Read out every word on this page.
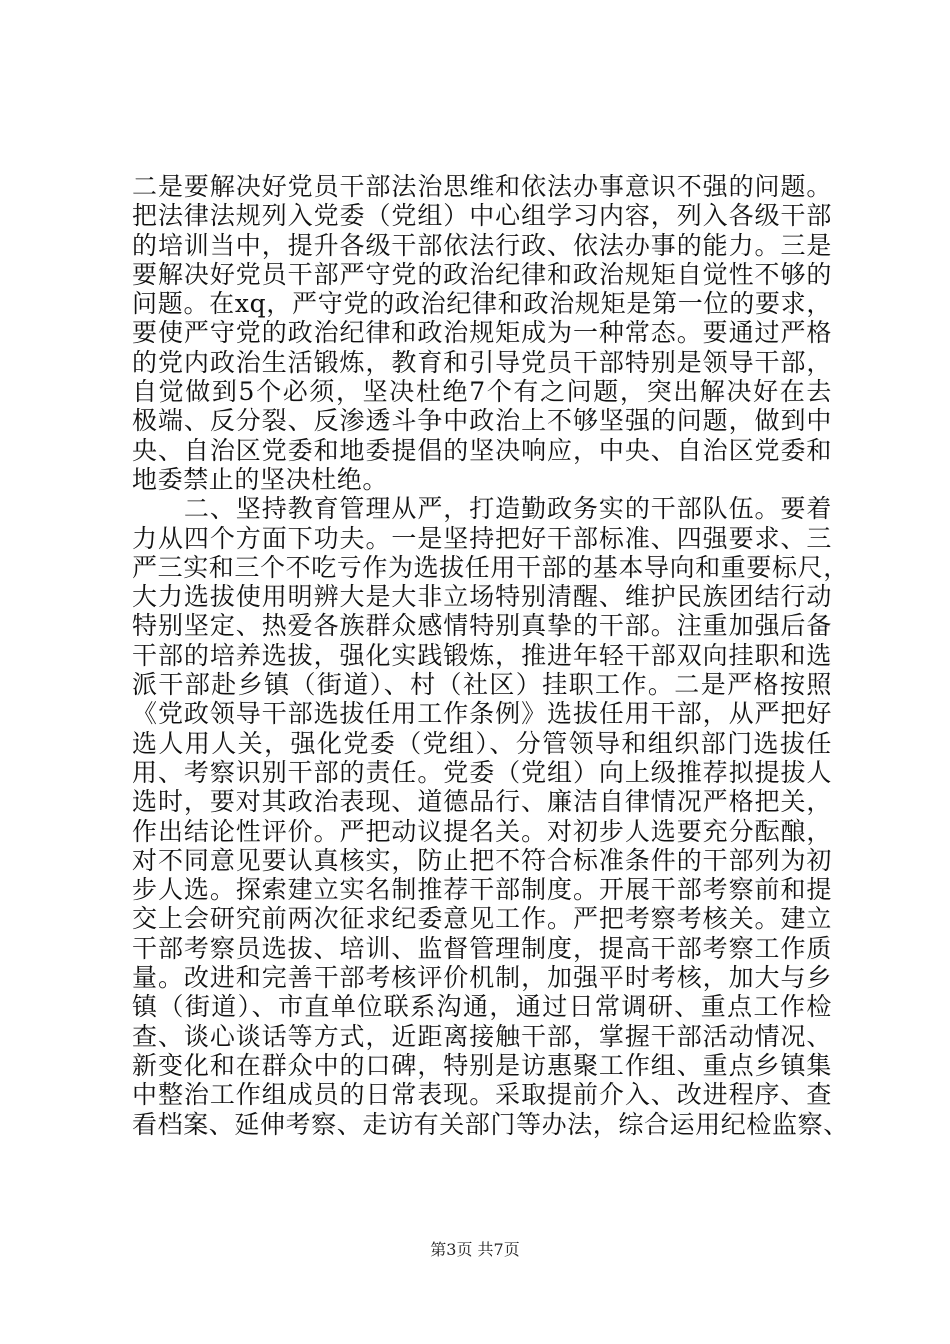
二是要解决好党员干部法治思维和依法办事意识不强的问题。
把法律法规列入党委（党组）中心组学习内容，列入各级干部
的培训当中，提升各级干部依法行政、依法办事的能力。三是
要解决好党员干部严守党的政治纪律和政治规矩自觉性不够的
问题。在xq，严守党的政治纪律和政治规矩是第一位的要求，
要使严守党的政治纪律和政治规矩成为一种常态。要通过严格
的党内政治生活锻炼，教育和引导党员干部特别是领导干部，
自觉做到5个必须，坚决杜绝7个有之问题，突出解决好在去
极端、反分裂、反渗透斗争中政治上不够坚强的问题，做到中
央、自治区党委和地委提倡的坚决响应，中央、自治区党委和
地委禁止的坚决杜绝。
　　二、坚持教育管理从严，打造勤政务实的干部队伍。要着
力从四个方面下功夫。一是坚持把好干部标准、四强要求、三
严三实和三个不吃亏作为选拔任用干部的基本导向和重要标尺，
大力选拔使用明辨大是大非立场特别清醒、维护民族团结行动
特别坚定、热爱各族群众感情特别真挚的干部。注重加强后备
干部的培养选拔，强化实践锻炼，推进年轻干部双向挂职和选
派干部赴乡镇（街道）、村（社区）挂职工作。二是严格按照
《党政领导干部选拔任用工作条例》选拔任用干部，从严把好
选人用人关，强化党委（党组）、分管领导和组织部门选拔任
用、考察识别干部的责任。党委（党组）向上级推荐拟提拔人
选时，要对其政治表现、道德品行、廉洁自律情况严格把关，
作出结论性评价。严把动议提名关。对初步人选要充分酝酿，
对不同意见要认真核实，防止把不符合标准条件的干部列为初
步人选。探索建立实名制推荐干部制度。开展干部考察前和提
交上会研究前两次征求纪委意见工作。严把考察考核关。建立
干部考察员选拔、培训、监督管理制度，提高干部考察工作质
量。改进和完善干部考核评价机制，加强平时考核，加大与乡
镇（街道）、市直单位联系沟通，通过日常调研、重点工作检
查、谈心谈话等方式，近距离接触干部，掌握干部活动情况、
新变化和在群众中的口碑，特别是访惠聚工作组、重点乡镇集
中整治工作组成员的日常表现。采取提前介入、改进程序、查
看档案、延伸考察、走访有关部门等办法，综合运用纪检监察、
第3页 共7页
